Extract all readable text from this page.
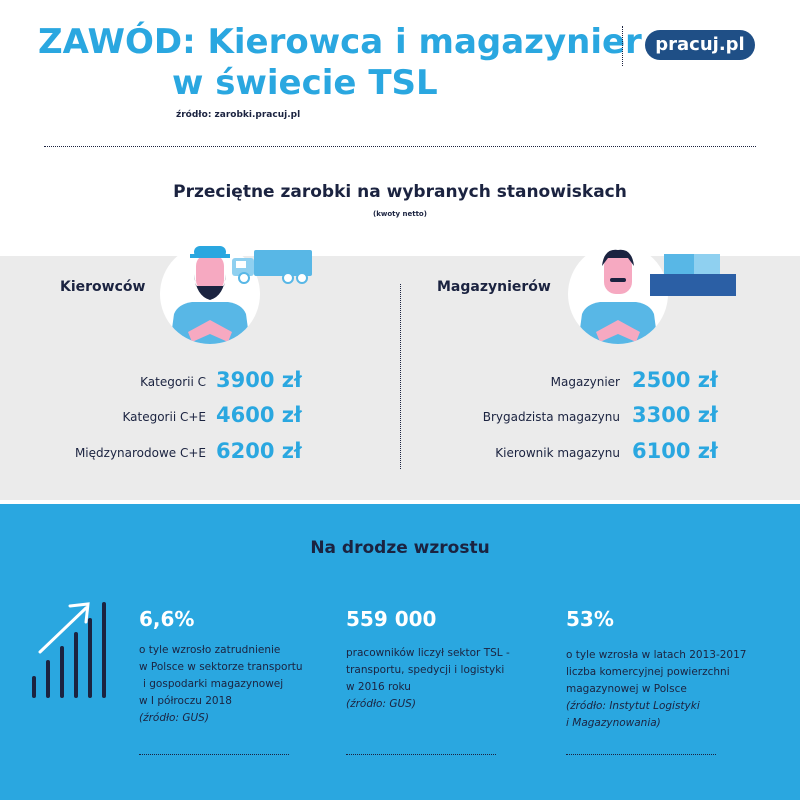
ZAWÓD: Kierowca i magazynier
w świecie TSL
źródło: zarobki.pracuj.pl
pracuj.pl
Przeciętne zarobki na wybranych stanowiskach
(kwoty netto)
Kierowców	Magazynierów
Kategorii C 3900 zł
Kategorii C+E 4600 zł
Międzynarodowe C+E 6200 zł
Magazynier 2500 zł
Brygadzista magazynu 3300 zł
Kierownik magazynu 6100 zł
Na drodze wzrostu
6,6%
o tyle wzrosło zatrudnienie
w Polsce w sektorze transportu
i gospodarki magazynowej
w I półroczu 2018
(źródło: GUS)
559 000
pracowników liczył sektor TSL -
transportu, spedycji i logistyki
w 2016 roku
(źródło: GUS)
53%
o tyle wzrosła w latach 2013-2017
liczba komercyjnej powierzchni
magazynowej w Polsce
(źródło: Instytut Logistyki
i Magazynowania)
